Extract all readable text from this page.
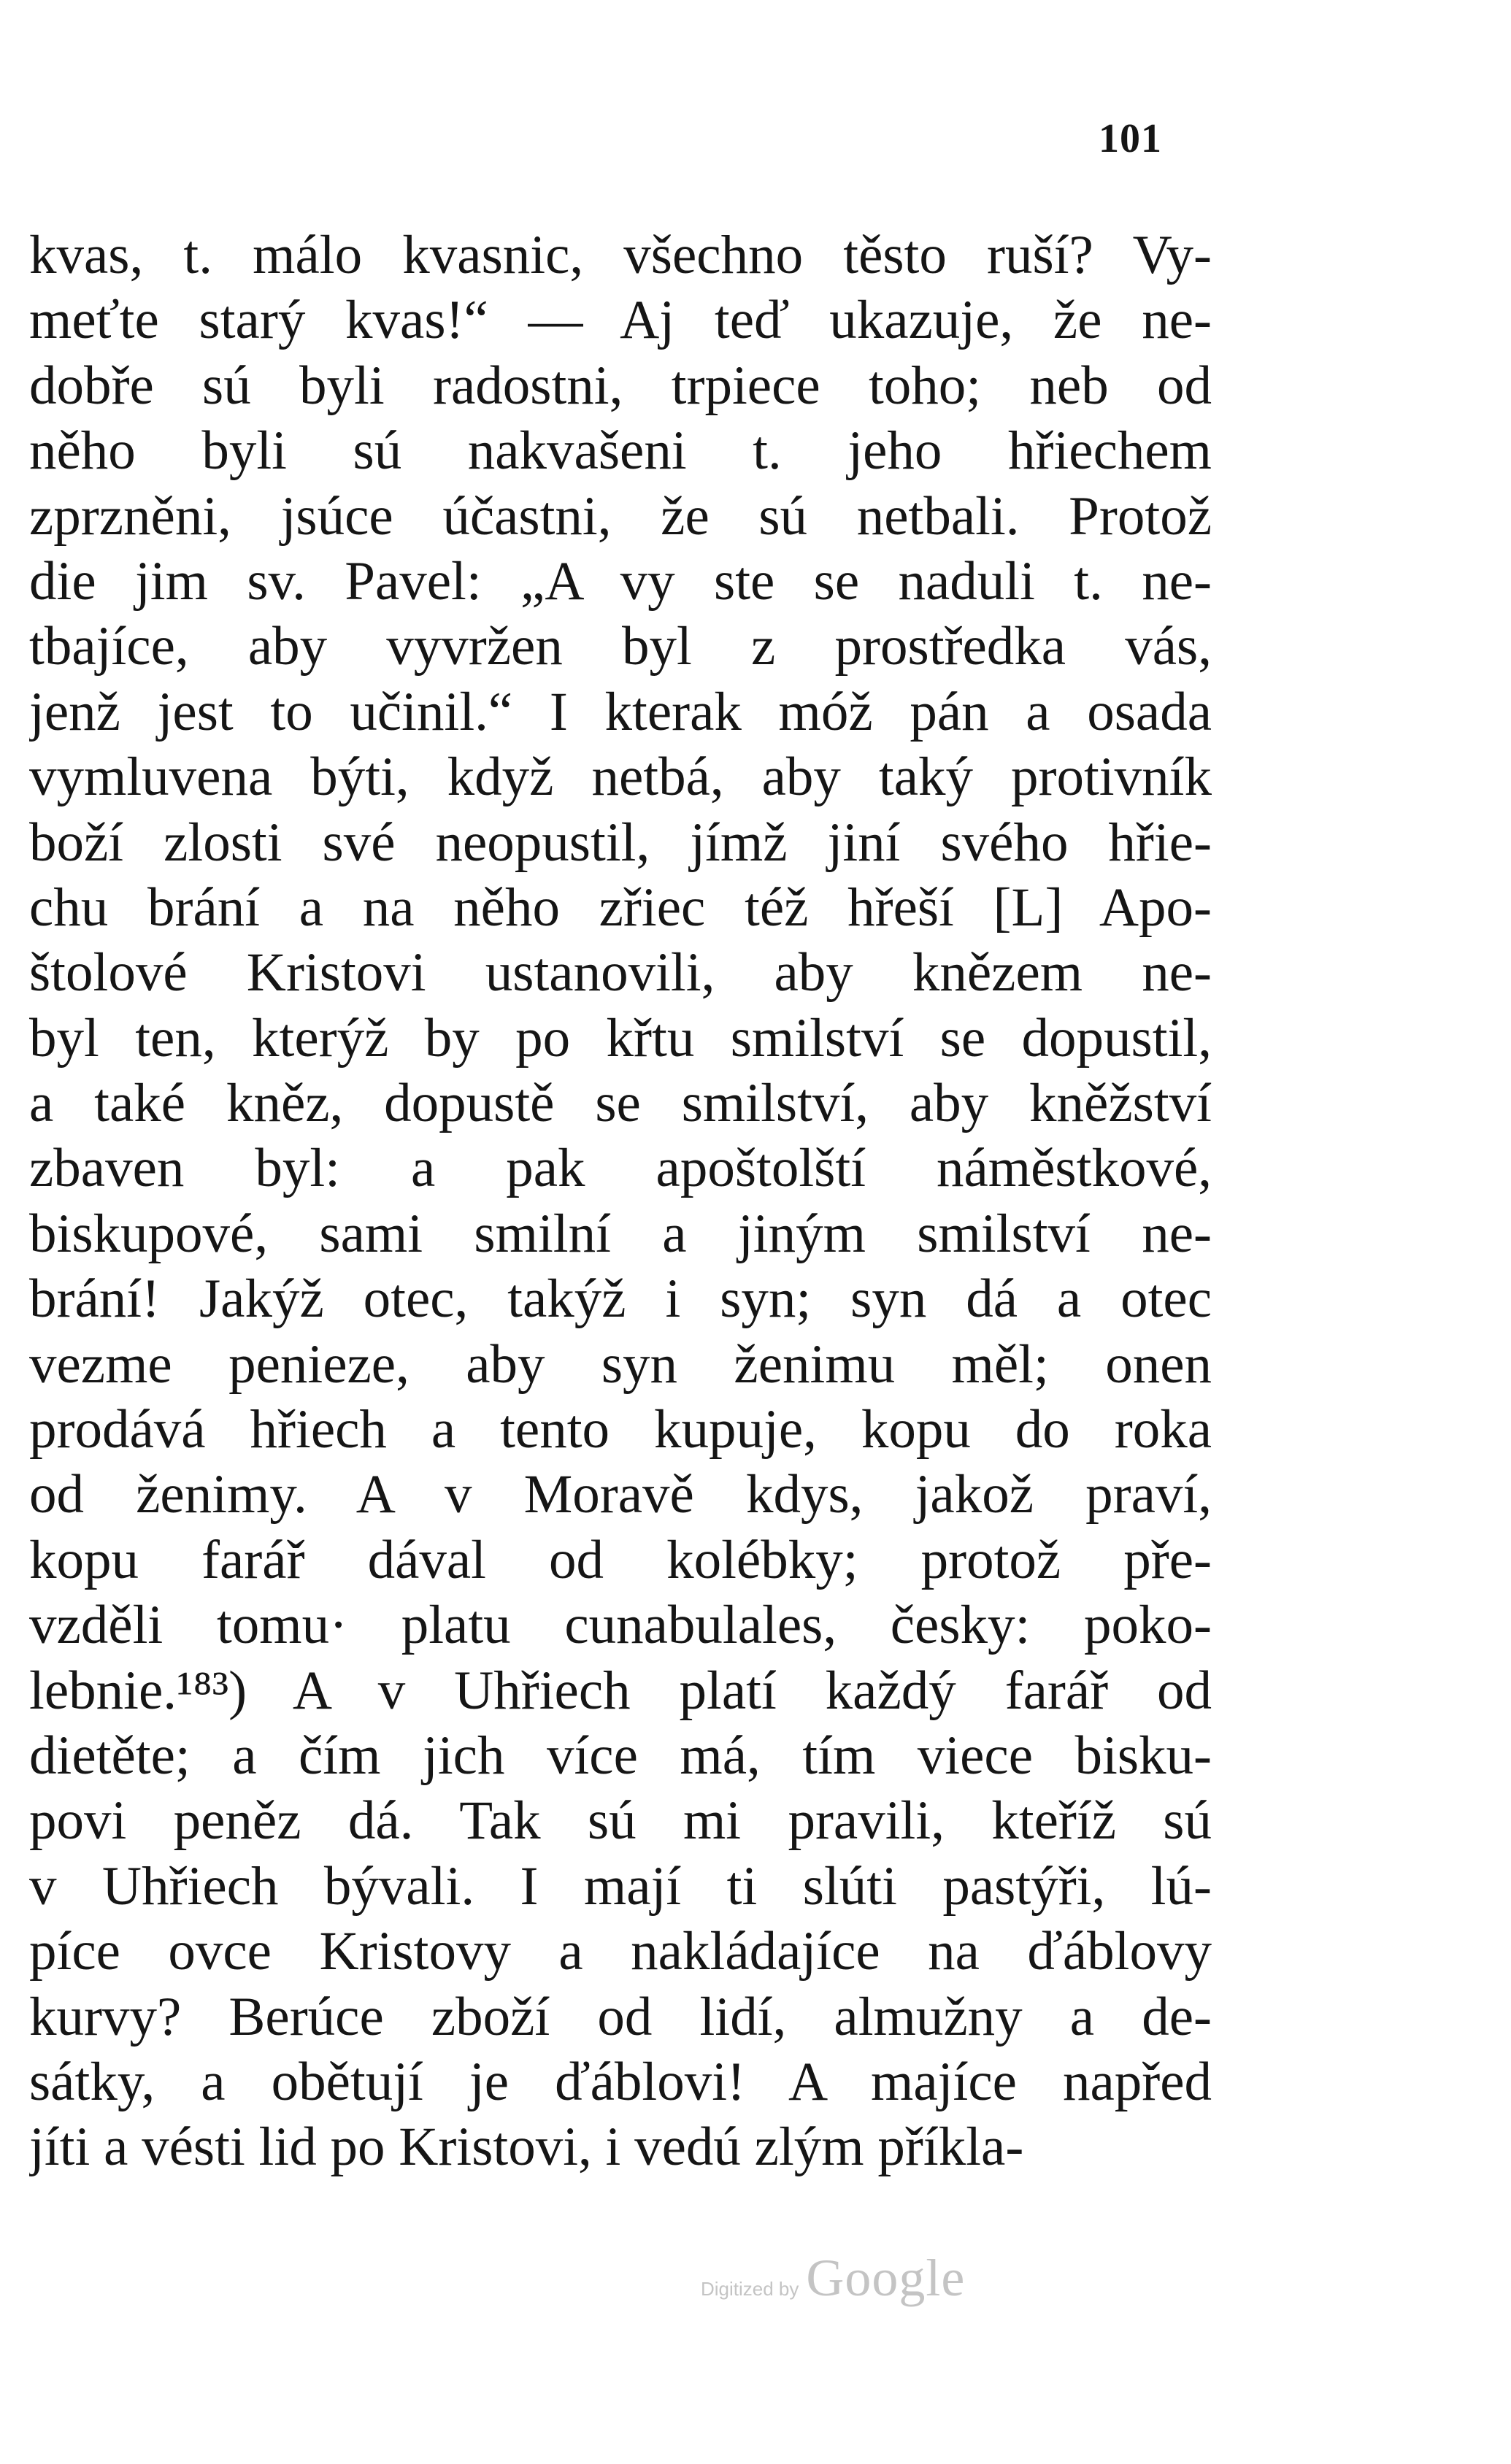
101
kvas, t. málo kvasnic, všechno těsto ruší? Vy-
meťte starý kvas!“ — Aj teď ukazuje, že ne-
dobře sú byli radostni, trpiece toho; neb od
něho byli sú nakvašeni t. jeho hřiechem
zprzněni, jsúce účastni, že sú netbali. Protož
die jim sv. Pavel: „A vy ste se naduli t. ne-
tbajíce, aby vyvržen byl z prostředka vás,
jenž jest to učinil.“ I kterak móž pán a osada
vymluvena býti, když netbá, aby taký protivník
boží zlosti své neopustil, jímž jiní svého hřie-
chu brání a na něho zřiec též hřeší [L] Apo-
štolové Kristovi ustanovili, aby knězem ne-
byl ten, kterýž by po křtu smilství se dopustil,
a také kněz, dopustě se smilství, aby kněžství
zbaven byl: a pak apoštolští náměstkové,
biskupové, sami smilní a jiným smilství ne-
brání! Jakýž otec, takýž i syn; syn dá a otec
vezme penieze, aby syn ženimu měl; onen
prodává hřiech a tento kupuje, kopu do roka
od ženimy. A v Moravě kdys, jakož praví,
kopu farář dával od kolébky; protož pře-
vzděli tomu· platu cunabulales, česky: poko-
lebnie.¹⁸³) A v Uhřiech platí každý farář od
dietěte; a čím jich více má, tím viece bisku-
povi peněz dá. Tak sú mi pravili, kteříž sú
v Uhřiech bývali. I mají ti slúti pastýři, lú-
píce ovce Kristovy a nakládajíce na ďáblovy
kurvy? Berúce zboží od lidí, almužny a de-
sátky, a obětují je ďáblovi! A majíce napřed
jíti a vésti lid po Kristovi, i vedú zlým příkla-
Digitized by Google
